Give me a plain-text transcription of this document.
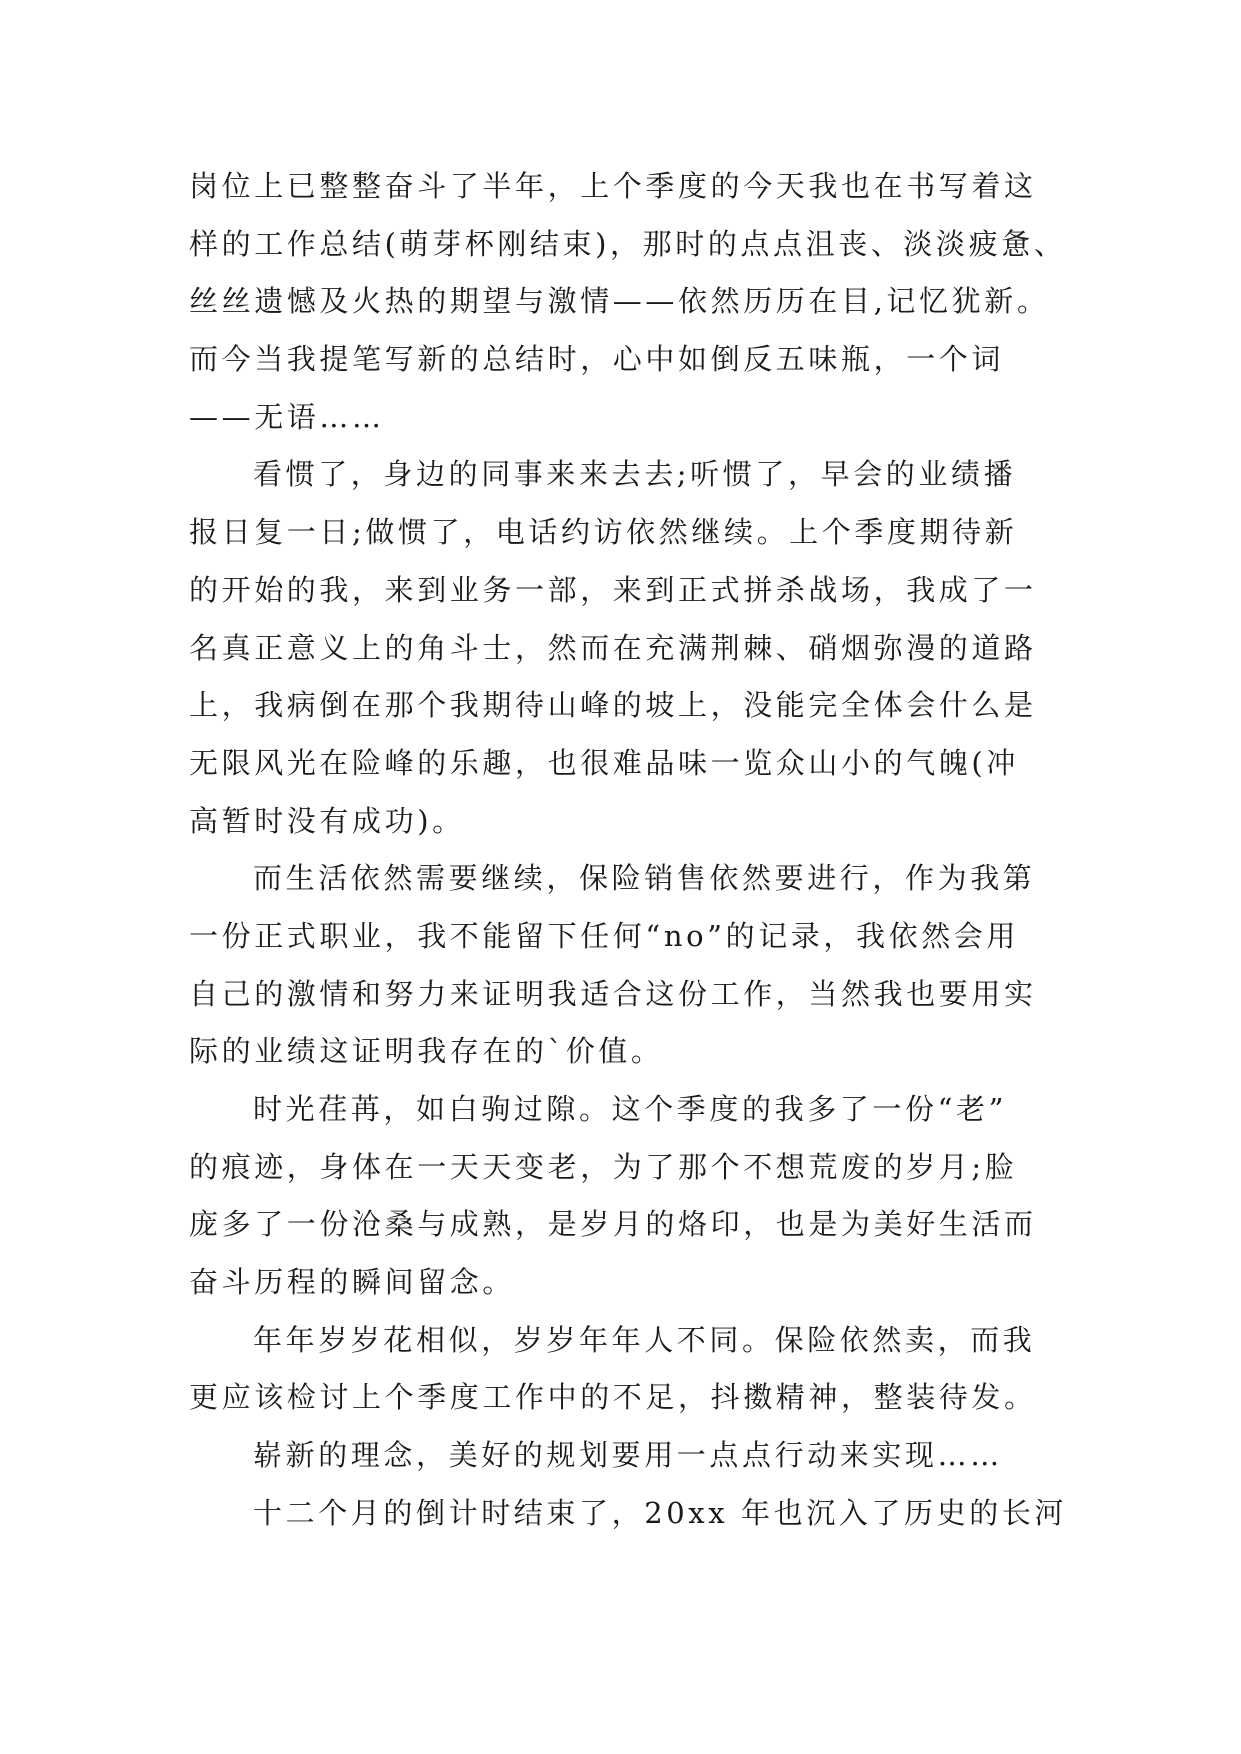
岗位上已整整奋斗了半年，上个季度的今天我也在书写着这
样的工作总结(萌芽杯刚结束)，那时的点点沮丧、淡淡疲惫、
丝丝遗憾及火热的期望与激情——依然历历在目,记忆犹新。
而今当我提笔写新的总结时，心中如倒反五味瓶，一个词
——无语……
看惯了，身边的同事来来去去;听惯了，早会的业绩播
报日复一日;做惯了，电话约访依然继续。上个季度期待新
的开始的我，来到业务一部，来到正式拼杀战场，我成了一
名真正意义上的角斗士，然而在充满荆棘、硝烟弥漫的道路
上，我病倒在那个我期待山峰的坡上，没能完全体会什么是
无限风光在险峰的乐趣，也很难品味一览众山小的气魄(冲
高暂时没有成功)。
而生活依然需要继续，保险销售依然要进行，作为我第
一份正式职业，我不能留下任何“no”的记录，我依然会用
自己的激情和努力来证明我适合这份工作，当然我也要用实
际的业绩这证明我存在的`价值。
时光荏苒，如白驹过隙。这个季度的我多了一份“老”
的痕迹，身体在一天天变老，为了那个不想荒废的岁月;脸
庞多了一份沧桑与成熟，是岁月的烙印，也是为美好生活而
奋斗历程的瞬间留念。
年年岁岁花相似，岁岁年年人不同。保险依然卖，而我
更应该检讨上个季度工作中的不足，抖擞精神，整装待发。
崭新的理念，美好的规划要用一点点行动来实现……
十二个月的倒计时结束了，20xx 年也沉入了历史的长河
